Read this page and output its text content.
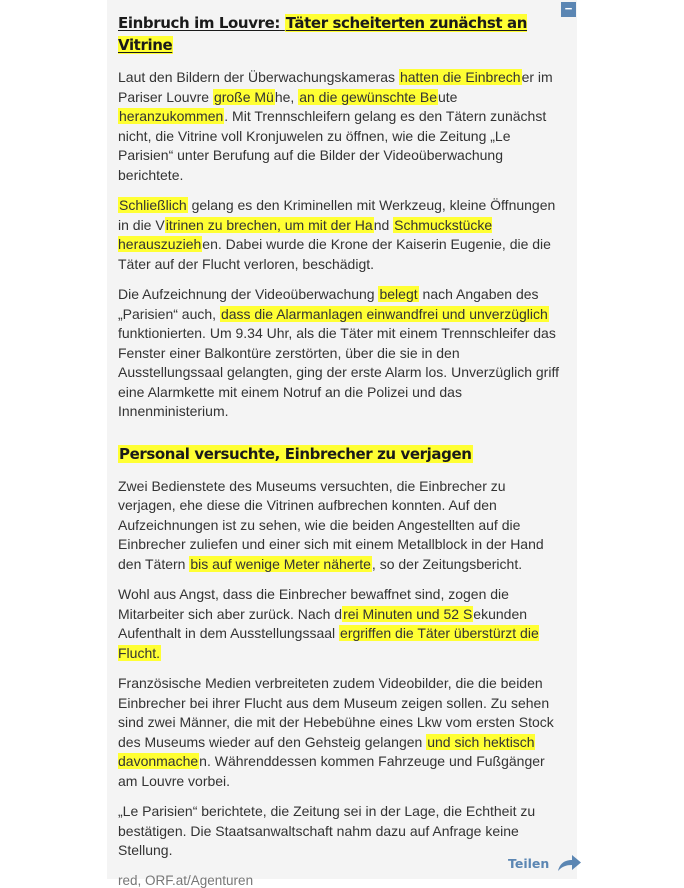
Einbruch im Louvre: Täter scheiterten zunächst an Vitrine

Laut den Bildern der Überwachungskameras hatten die Einbrecher im Pariser Louvre große Mühe, an die gewünschte Beute heranzukommen. Mit Trennschleifern gelang es den Tätern zunächst nicht, die Vitrine voll Kronjuwelen zu öffnen, wie die Zeitung „Le Parisien“ unter Berufung auf die Bilder der Videoüberwachung berichtete.

Schließlich gelang es den Kriminellen mit Werkzeug, kleine Öffnungen in die Vitrinen zu brechen, um mit der Hand Schmuckstücke herauszuziehen. Dabei wurde die Krone der Kaiserin Eugenie, die die Täter auf der Flucht verloren, beschädigt.

Die Aufzeichnung der Videoüberwachung belegt nach Angaben des „Parisien“ auch, dass die Alarmanlagen einwandfrei und unverzüglich funktionierten. Um 9.34 Uhr, als die Täter mit einem Trennschleifer das Fenster einer Balkontüre zerstörten, über die sie in den Ausstellungssaal gelangten, ging der erste Alarm los. Unverzüglich griff eine Alarmkette mit einem Notruf an die Polizei und das Innenministerium.

Personal versuchte, Einbrecher zu verjagen

Zwei Bedienstete des Museums versuchten, die Einbrecher zu verjagen, ehe diese die Vitrinen aufbrechen konnten. Auf den Aufzeichnungen ist zu sehen, wie die beiden Angestellten auf die Einbrecher zuliefen und einer sich mit einem Metallblock in der Hand den Tätern bis auf wenige Meter näherte, so der Zeitungsbericht.

Wohl aus Angst, dass die Einbrecher bewaffnet sind, zogen die Mitarbeiter sich aber zurück. Nach drei Minuten und 52 Sekunden Aufenthalt in dem Ausstellungssaal ergriffen die Täter überstürzt die Flucht.

Französische Medien verbreiteten zudem Videobilder, die die beiden Einbrecher bei ihrer Flucht aus dem Museum zeigen sollen. Zu sehen sind zwei Männer, die mit der Hebebühne eines Lkw vom ersten Stock des Museums wieder auf den Gehsteig gelangen und sich hektisch davonmachen. Währenddessen kommen Fahrzeuge und Fußgänger am Louvre vorbei.

„Le Parisien“ berichtete, die Zeitung sei in der Lage, die Echtheit zu bestätigen. Die Staatsanwaltschaft nahm dazu auf Anfrage keine Stellung.

red, ORF.at/Agenturen
−
Teilen
